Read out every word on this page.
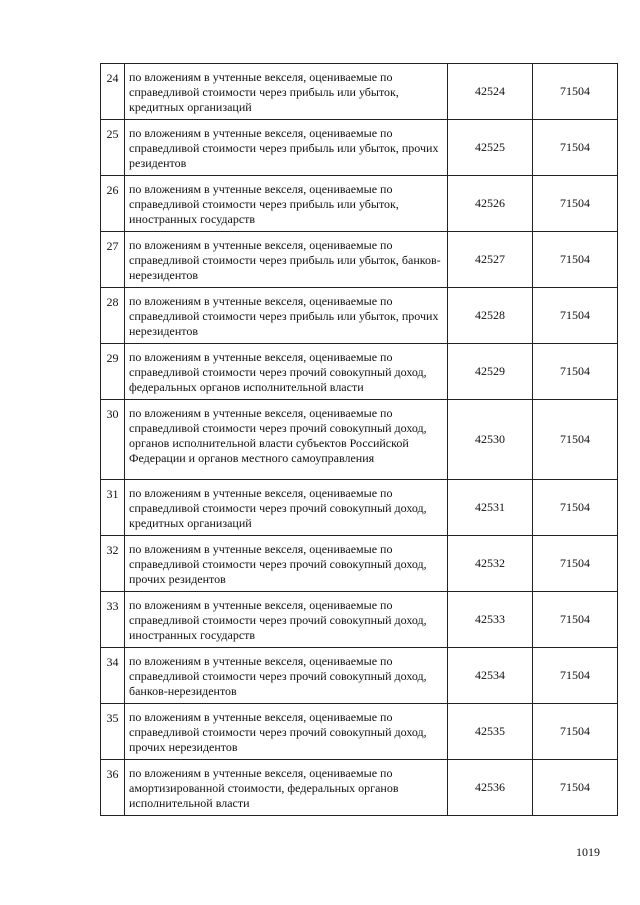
24	по вложениям в учтенные векселя, оцениваемые по справедливой стоимости через прибыль или убыток, кредитных организаций	42524	71504
25	по вложениям в учтенные векселя, оцениваемые по справедливой стоимости через прибыль или убыток, прочих резидентов	42525	71504
26	по вложениям в учтенные векселя, оцениваемые по справедливой стоимости через прибыль или убыток, иностранных государств	42526	71504
27	по вложениям в учтенные векселя, оцениваемые по справедливой стоимости через прибыль или убыток, банков-нерезидентов	42527	71504
28	по вложениям в учтенные векселя, оцениваемые по справедливой стоимости через прибыль или убыток, прочих нерезидентов	42528	71504
29	по вложениям в учтенные векселя, оцениваемые по справедливой стоимости через прочий совокупный доход, федеральных органов исполнительной власти	42529	71504
30	по вложениям в учтенные векселя, оцениваемые по справедливой стоимости через прочий совокупный доход, органов исполнительной власти субъектов Российской Федерации и органов местного самоуправления	42530	71504
31	по вложениям в учтенные векселя, оцениваемые по справедливой стоимости через прочий совокупный доход, кредитных организаций	42531	71504
32	по вложениям в учтенные векселя, оцениваемые по справедливой стоимости через прочий совокупный доход, прочих резидентов	42532	71504
33	по вложениям в учтенные векселя, оцениваемые по справедливой стоимости через прочий совокупный доход, иностранных государств	42533	71504
34	по вложениям в учтенные векселя, оцениваемые по справедливой стоимости через прочий совокупный доход, банков-нерезидентов	42534	71504
35	по вложениям в учтенные векселя, оцениваемые по справедливой стоимости через прочий совокупный доход, прочих нерезидентов	42535	71504
36	по вложениям в учтенные векселя, оцениваемые по амортизированной стоимости, федеральных органов исполнительной власти	42536	71504
1019
